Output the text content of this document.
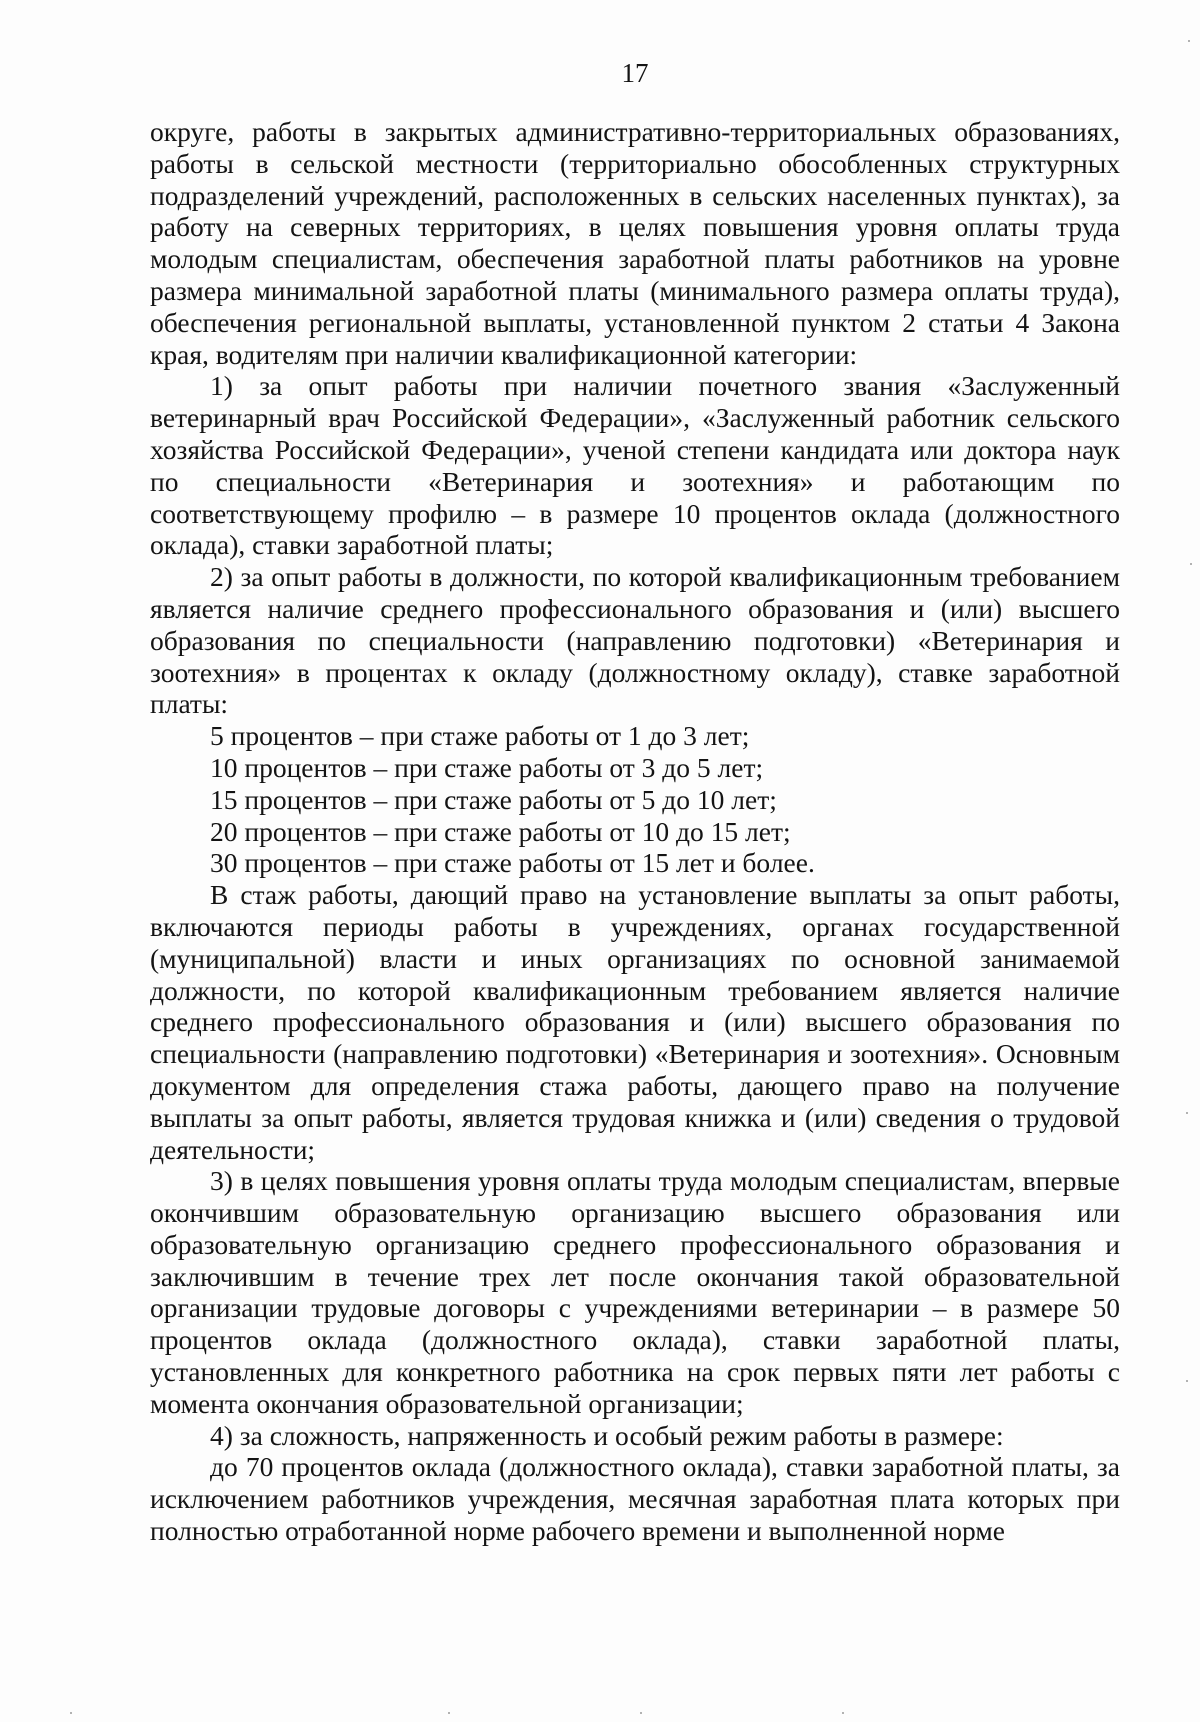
17

округе, работы в закрытых административно-территориальных образованиях, работы в сельской местности (территориально обособленных структурных подразделений учреждений, расположенных в сельских населенных пунктах), за работу на северных территориях, в целях повышения уровня оплаты труда молодым специалистам, обеспечения заработной платы работников на уровне размера минимальной заработной платы (минимального размера оплаты труда), обеспечения региональной выплаты, установленной пунктом 2 статьи 4 Закона края, водителям при наличии квалификационной категории:

1) за опыт работы при наличии почетного звания «Заслуженный ветеринарный врач Российской Федерации», «Заслуженный работник сельского хозяйства Российской Федерации», ученой степени кандидата или доктора наук по специальности «Ветеринария и зоотехния» и работающим по соответствующему профилю – в размере 10 процентов оклада (должностного оклада), ставки заработной платы;

2) за опыт работы в должности, по которой квалификационным требованием является наличие среднего профессионального образования и (или) высшего образования по специальности (направлению подготовки) «Ветеринария и зоотехния» в процентах к окладу (должностному окладу), ставке заработной платы:

5 процентов – при стаже работы от 1 до 3 лет;

10 процентов – при стаже работы от 3 до 5 лет;

15 процентов – при стаже работы от 5 до 10 лет;

20 процентов – при стаже работы от 10 до 15 лет;

30 процентов – при стаже работы от 15 лет и более.

В стаж работы, дающий право на установление выплаты за опыт работы, включаются периоды работы в учреждениях, органах государственной (муниципальной) власти и иных организациях по основной занимаемой должности, по которой квалификационным требованием является наличие среднего профессионального образования и (или) высшего образования по специальности (направлению подготовки) «Ветеринария и зоотехния». Основным документом для определения стажа работы, дающего право на получение выплаты за опыт работы, является трудовая книжка и (или) сведения о трудовой деятельности;

3) в целях повышения уровня оплаты труда молодым специалистам, впервые окончившим образовательную организацию высшего образования или образовательную организацию среднего профессионального образования и заключившим в течение трех лет после окончания такой образовательной организации трудовые договоры с учреждениями ветеринарии – в размере 50 процентов оклада (должностного оклада), ставки заработной платы, установленных для конкретного работника на срок первых пяти лет работы с момента окончания образовательной организации;

4) за сложность, напряженность и особый режим работы в размере:

до 70 процентов оклада (должностного оклада), ставки заработной платы, за исключением работников учреждения, месячная заработная плата которых при полностью отработанной норме рабочего времени и выполненной норме
